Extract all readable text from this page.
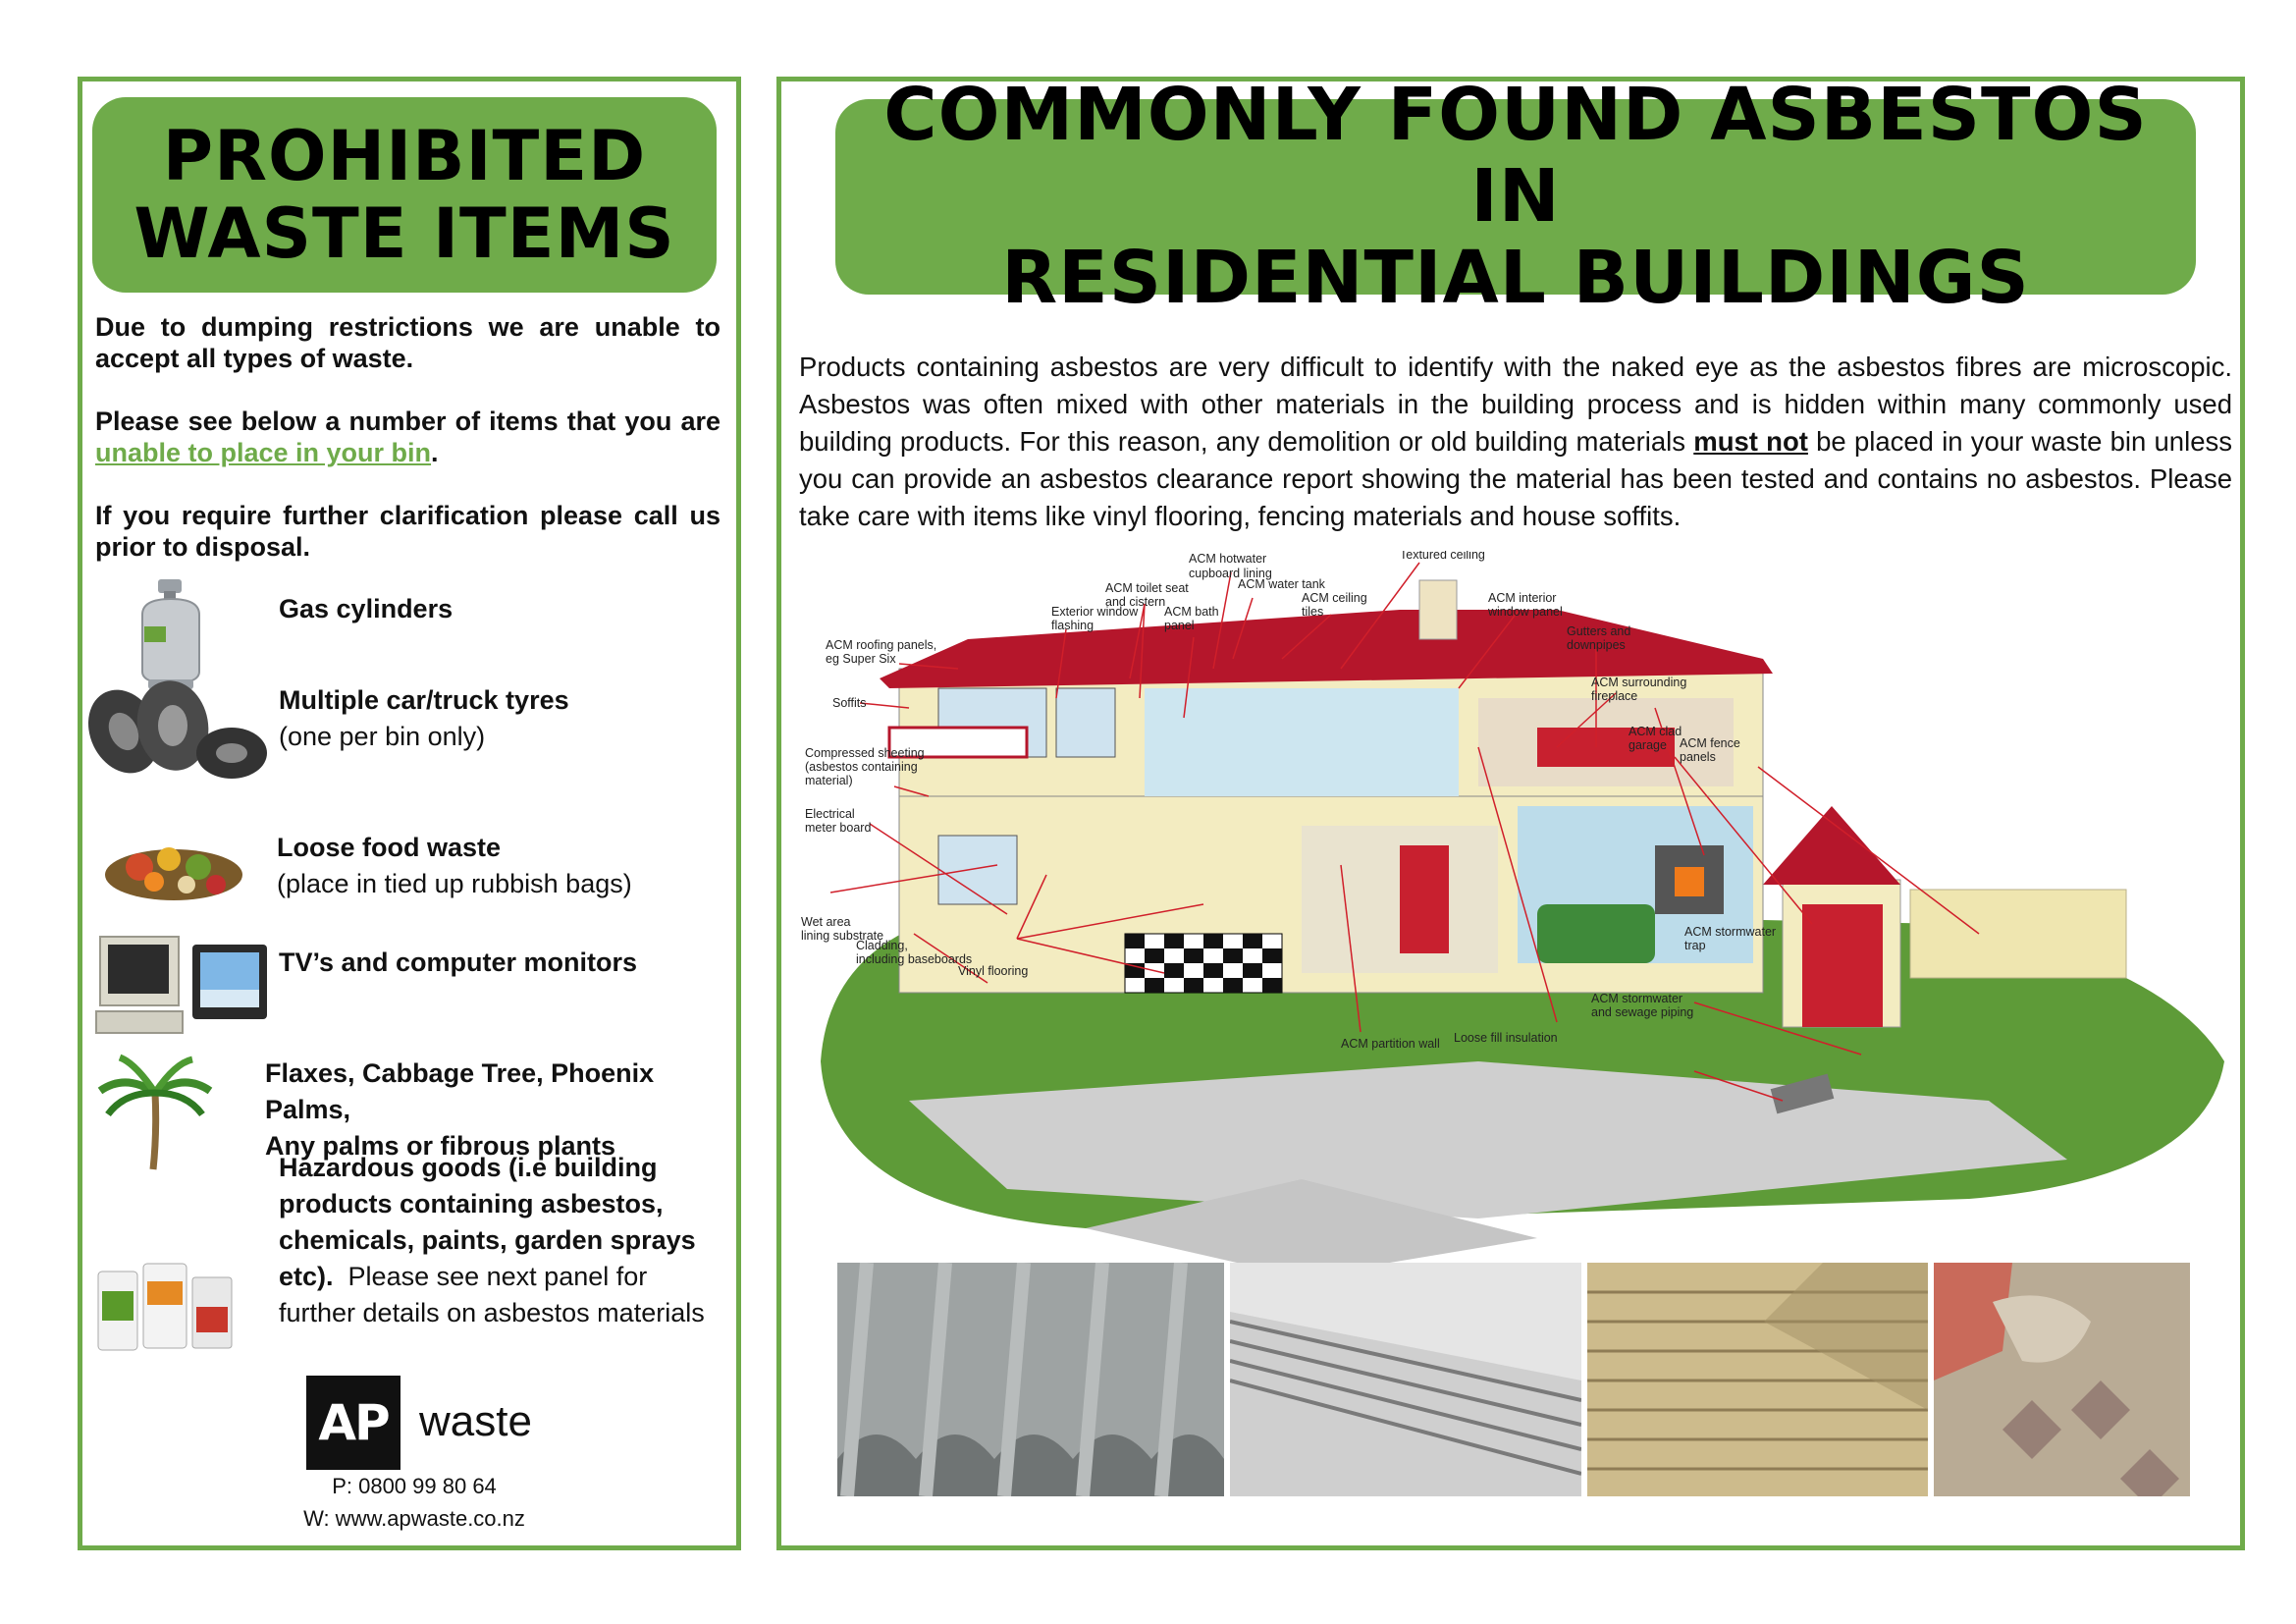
PROHIBITED
WASTE ITEMS
Due to dumping restrictions we are unable to accept all types of waste.
Please see below a number of items that you are unable to place in your bin.
If you require further clarification please call us prior to disposal.
Gas cylinders
Multiple car/truck tyres
(one per bin only)
Loose food waste
(place in tied up rubbish bags)
TV’s and computer monitors
Flaxes, Cabbage Tree, Phoenix Palms,
Any palms or fibrous plants
Hazardous goods (i.e building
products containing asbestos,
chemicals, paints, garden sprays
etc). Please see next panel for
further details on asbestos materials
AP waste
P: 0800 99 80 64
W: www.apwaste.co.nz
COMMONLY FOUND ASBESTOS IN
RESIDENTIAL BUILDINGS
Products containing asbestos are very difficult to identify with the naked eye as the asbestos fibres are microscopic. Asbestos was often mixed with other materials in the building process and is hidden within many commonly used building products. For this reason, any demolition or old building materials must not be placed in your waste bin unless you can provide an asbestos clearance report showing the material has been tested and contains no asbestos. Please take care with items like vinyl flooring, fencing materials and house soffits.
ACM hotwater cupboard lining
Textured ceiling
ACM toilet seat and cistern
ACM water tank
ACM ceiling tiles
ACM interior window panel
Exterior window flashing
ACM bath panel	Gutters and downpipes
ACM roofing panels, eg Super Six
ACM surrounding fireplace
Soffits
ACM clad garage	ACM fence panels
Compressed sheeting (asbestos containing material)
Electrical meter board
Wet area lining substrate
Cladding, including baseboards
Vinyl flooring
ACM stormwater trap
ACM stormwater and sewage piping
Loose fill insulation
ACM partition wall
